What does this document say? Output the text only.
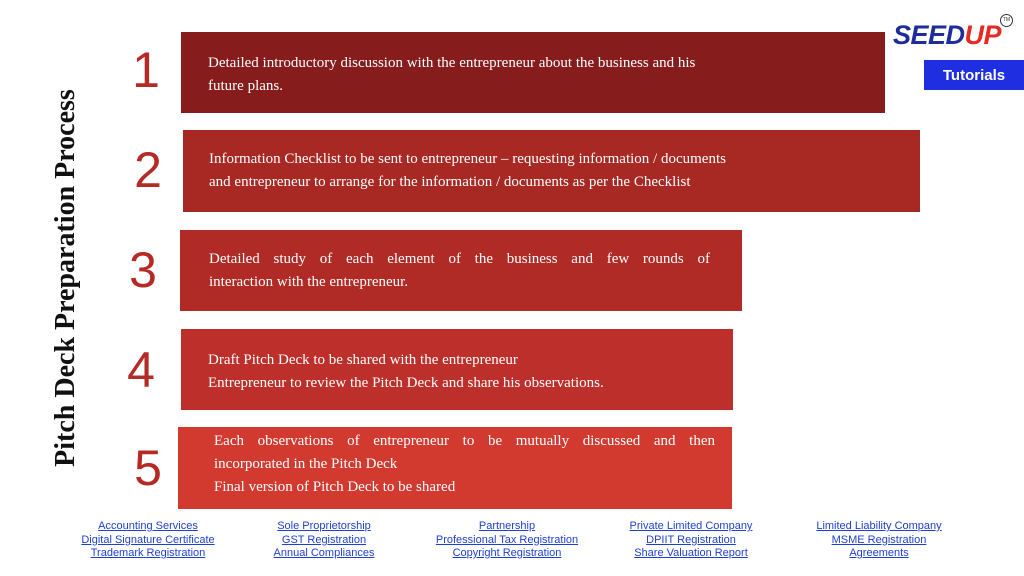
Pitch Deck Preparation Process
1	Detailed introductory discussion with the entrepreneur about the business and his
future plans.
2	Information Checklist to be sent to entrepreneur – requesting information / documents
and entrepreneur to arrange for the information / documents as per the Checklist
3	Detailed study of each element of the business and few rounds of
interaction with the entrepreneur.
4	Draft Pitch Deck to be shared with the entrepreneur
Entrepreneur to review the Pitch Deck and share his observations.
5	Each observations of entrepreneur to be mutually discussed and then
incorporated in the Pitch Deck
Final version of Pitch Deck to be shared
SEEDUP TM
Tutorials
Accounting Services
Digital Signature Certificate
Trademark Registration
Sole Proprietorship
GST Registration
Annual Compliances
Partnership
Professional Tax Registration
Copyright Registration
Private Limited Company
DPIIT Registration
Share Valuation Report
Limited Liability Company
MSME Registration
Agreements
